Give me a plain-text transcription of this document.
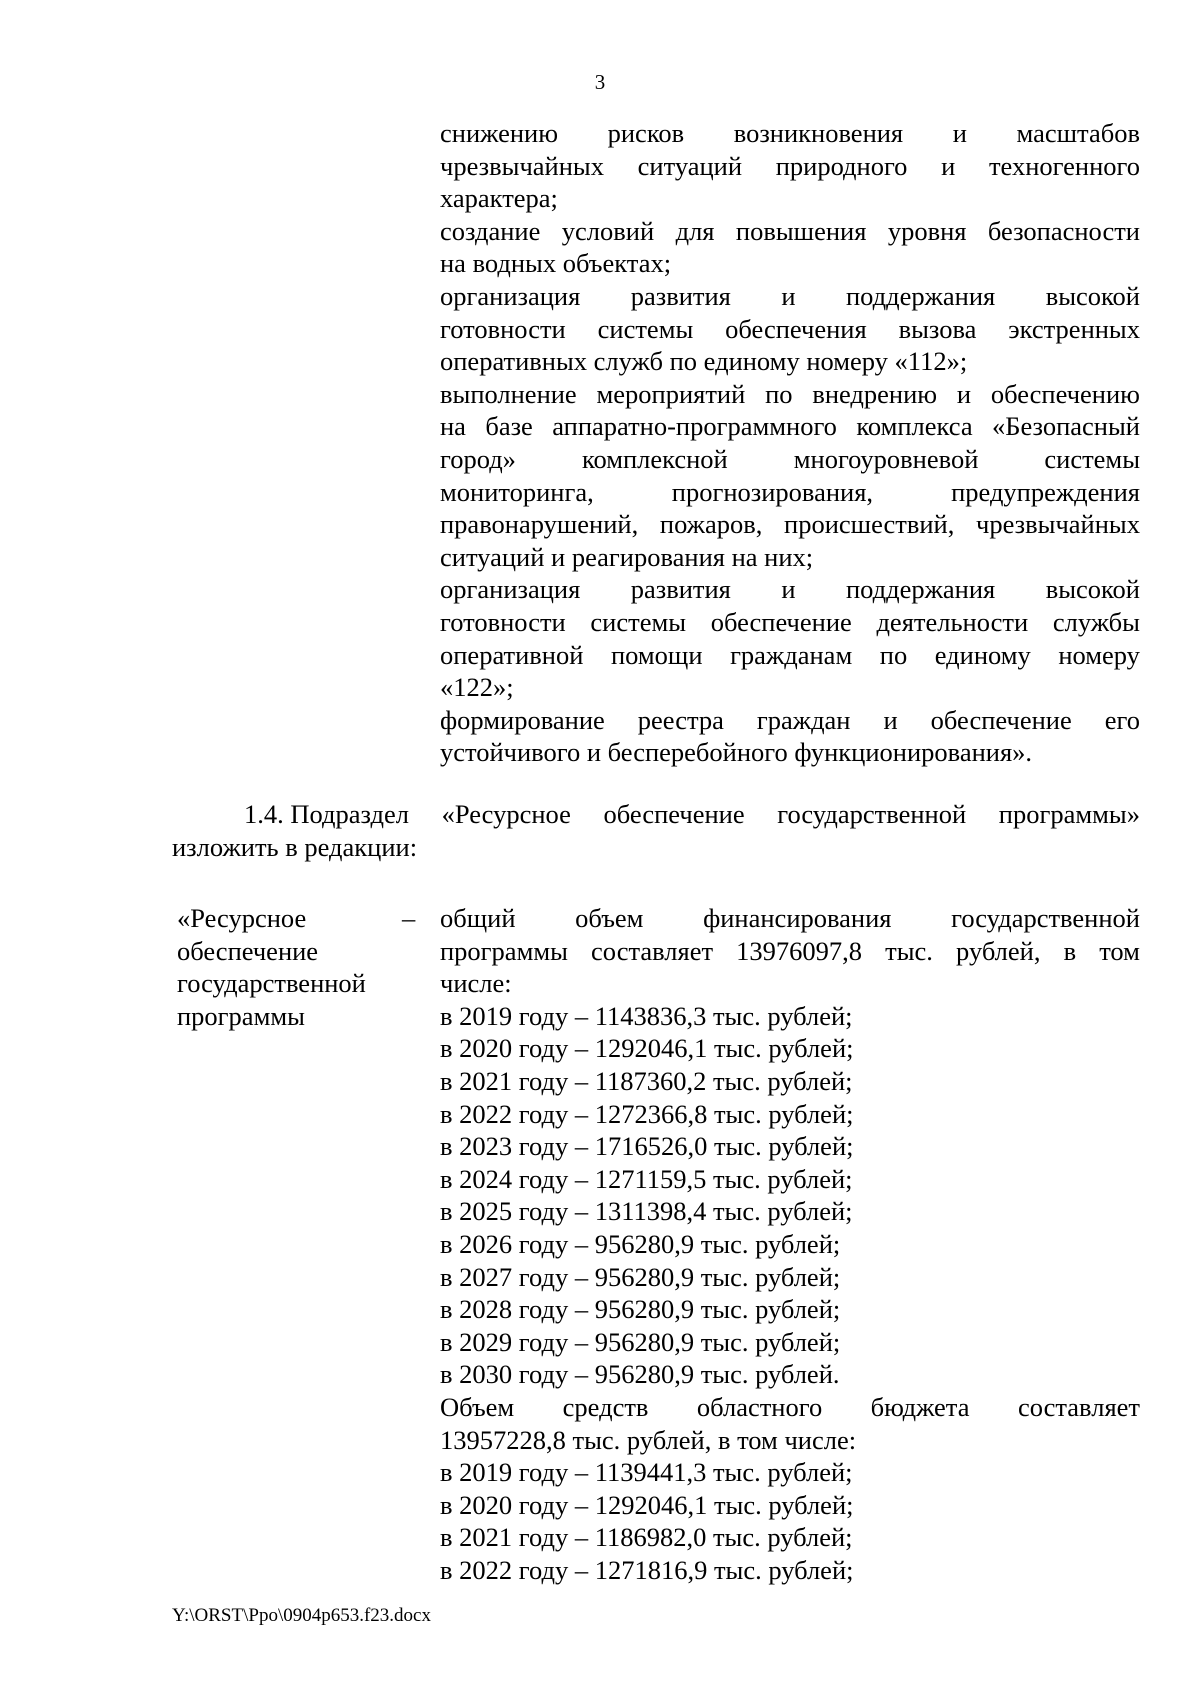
3
снижению рисков возникновения и масштабов
чрезвычайных ситуаций природного и техногенного
характера;
создание условий для повышения уровня безопасности
на водных объектах;
организация развития и поддержания высокой
готовности системы обеспечения вызова экстренных
оперативных служб по единому номеру «112»;
выполнение мероприятий по внедрению и обеспечению
на базе аппаратно-программного комплекса «Безопасный
город» комплексной многоуровневой системы
мониторинга,	прогнозирования,	предупреждения
правонарушений, пожаров, происшествий, чрезвычайных
ситуаций и реагирования на них;
организация развития и поддержания высокой
готовности системы обеспечение деятельности службы
оперативной помощи гражданам по единому номеру
«122»;
формирование реестра граждан и обеспечение его
устойчивого и бесперебойного функционирования».
1.4. Подраздел «Ресурсное обеспечение государственной программы»
изложить в редакции:
«Ресурсное
обеспечение
государственной
программы
– общий объем финансирования государственной
программы составляет 13976097,8 тыс. рублей, в том
числе:
в 2019 году – 1143836,3 тыс. рублей;
в 2020 году – 1292046,1 тыс. рублей;
в 2021 году – 1187360,2 тыс. рублей;
в 2022 году – 1272366,8 тыс. рублей;
в 2023 году – 1716526,0 тыс. рублей;
в 2024 году – 1271159,5 тыс. рублей;
в 2025 году – 1311398,4 тыс. рублей;
в 2026 году – 956280,9 тыс. рублей;
в 2027 году – 956280,9 тыс. рублей;
в 2028 году – 956280,9 тыс. рублей;
в 2029 году – 956280,9 тыс. рублей;
в 2030 году – 956280,9 тыс. рублей.
Объем средств областного бюджета составляет
13957228,8 тыс. рублей, в том числе:
в 2019 году – 1139441,3 тыс. рублей;
в 2020 году – 1292046,1 тыс. рублей;
в 2021 году – 1186982,0 тыс. рублей;
в 2022 году – 1271816,9 тыс. рублей;
Y:\ORST\Ppo\0904p653.f23.docx
